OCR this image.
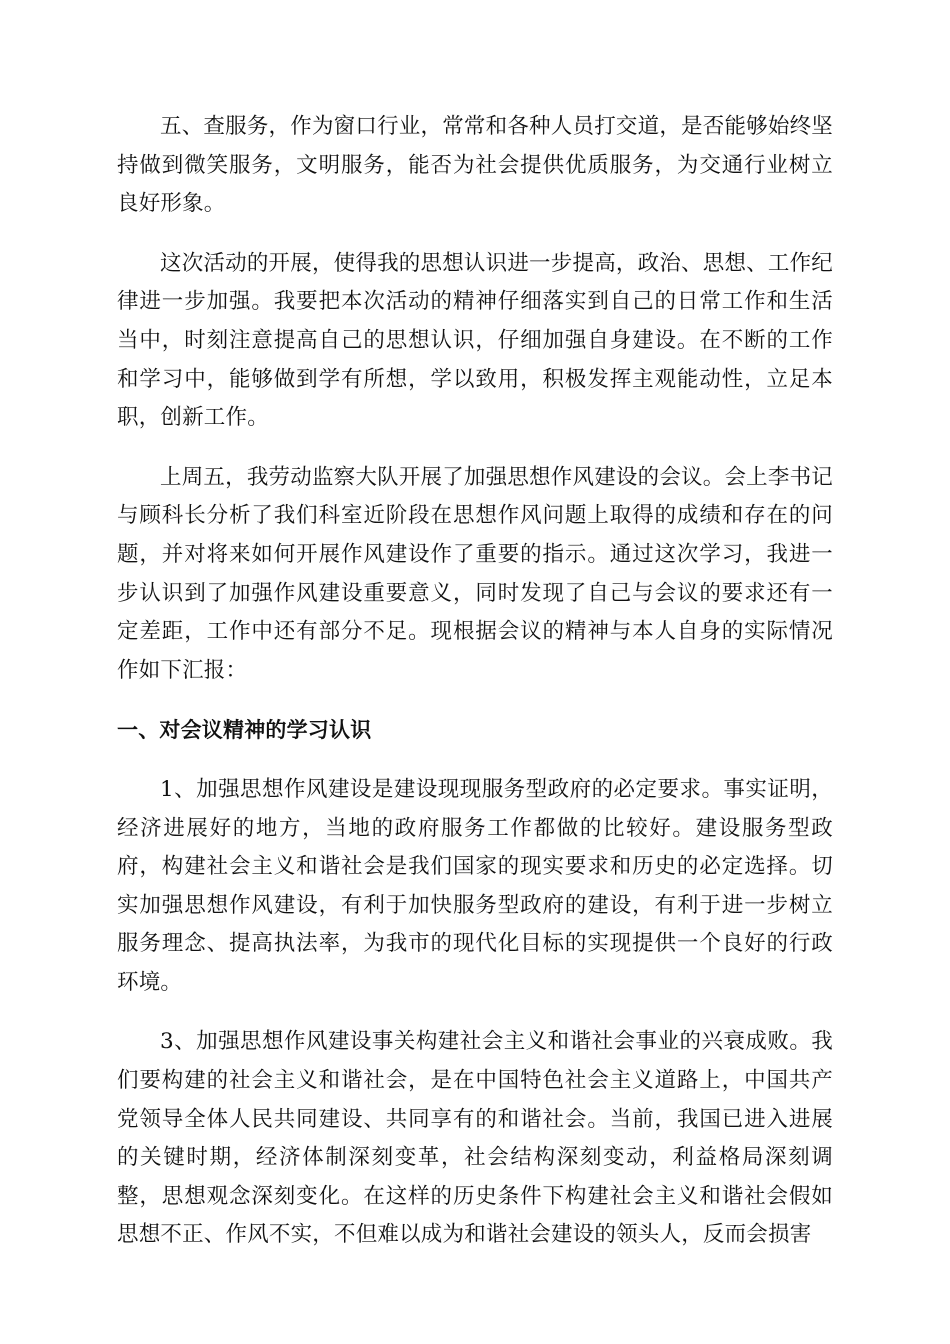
五、查服务，作为窗口行业，常常和各种人员打交道，是否能够始终坚持做到微笑服务，文明服务，能否为社会提供优质服务，为交通行业树立良好形象。

这次活动的开展，使得我的思想认识进一步提高，政治、思想、工作纪律进一步加强。我要把本次活动的精神仔细落实到自己的日常工作和生活当中，时刻注意提高自己的思想认识，仔细加强自身建设。在不断的工作和学习中，能够做到学有所想，学以致用，积极发挥主观能动性，立足本职，创新工作。

上周五，我劳动监察大队开展了加强思想作风建设的会议。会上李书记与顾科长分析了我们科室近阶段在思想作风问题上取得的成绩和存在的问题，并对将来如何开展作风建设作了重要的指示。通过这次学习，我进一步认识到了加强作风建设重要意义，同时发现了自己与会议的要求还有一定差距，工作中还有部分不足。现根据会议的精神与本人自身的实际情况作如下汇报：

一、对会议精神的学习认识

1、加强思想作风建设是建设现现服务型政府的必定要求。事实证明，经济进展好的地方，当地的政府服务工作都做的比较好。建设服务型政府，构建社会主义和谐社会是我们国家的现实要求和历史的必定选择。切实加强思想作风建设，有利于加快服务型政府的建设，有利于进一步树立服务理念、提高执法率，为我市的现代化目标的实现提供一个良好的行政环境。

3、加强思想作风建设事关构建社会主义和谐社会事业的兴衰成败。我们要构建的社会主义和谐社会，是在中国特色社会主义道路上，中国共产党领导全体人民共同建设、共同享有的和谐社会。当前，我国已进入进展的关键时期，经济体制深刻变革，社会结构深刻变动，利益格局深刻调整，思想观念深刻变化。在这样的历史条件下构建社会主义和谐社会假如思想不正、作风不实，不但难以成为和谐社会建设的领头人，反而会损害
